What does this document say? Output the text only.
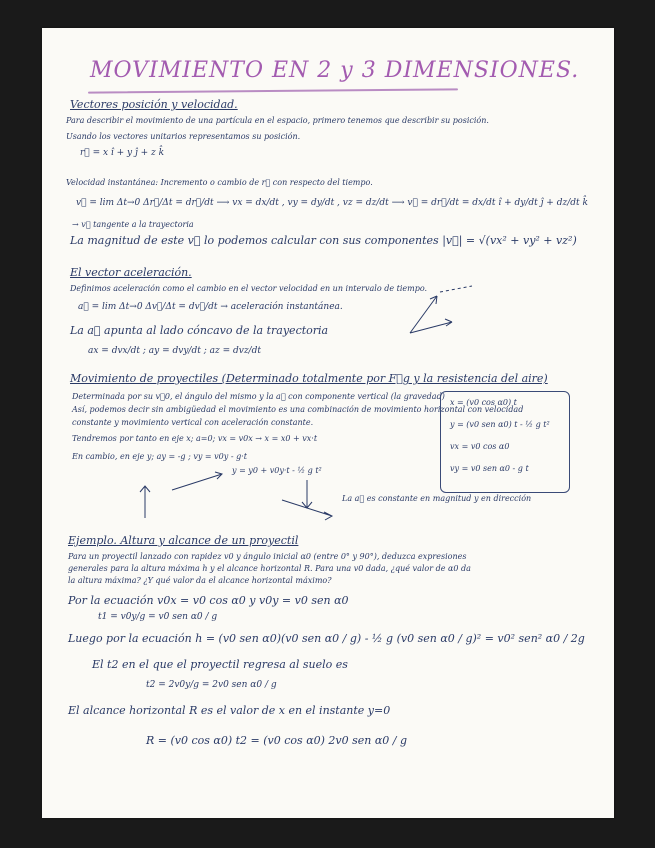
MOVIMIENTO EN 2 y 3 DIMENSIONES.
Vectores posición y velocidad.
Para describir el movimiento de una partícula en el espacio, primero tenemos que describir su posición.
Usando los vectores unitarios representamos su posición.
r⃗ = x î + y ĵ + z k̂
Velocidad instantánea: Incremento o cambio de r⃗ con respecto del tiempo.
v⃗ = lim Δt→0 Δr⃗/Δt = dr⃗/dt ⟶ vx = dx/dt , vy = dy/dt , vz = dz/dt ⟶ v⃗ = dr⃗/dt = dx/dt î + dy/dt ĵ + dz/dt k̂
→ v⃗ tangente a la trayectoria
La magnitud de este v⃗ lo podemos calcular con sus componentes |v⃗| = √(vx² + vy² + vz²)
El vector aceleración.
Definimos aceleración como el cambio en el vector velocidad en un intervalo de tiempo.
a⃗ = lim Δt→0 Δv⃗/Δt = dv⃗/dt → aceleración instantánea.
La a⃗ apunta al lado cóncavo de la trayectoria
ax = dvx/dt ; ay = dvy/dt ; az = dvz/dt
Movimiento de proyectiles (Determinado totalmente por F⃗g y la resistencia del aire)
Determinada por su v⃗0, el ángulo del mismo y la a⃗ con componente vertical (la gravedad)
Así, podemos decir sin ambigüedad el movimiento es una combinación de movimiento horizontal con velocidad
constante y movimiento vertical con aceleración constante.
Tendremos por tanto en eje x; a=0; vx = v0x → x = x0 + vx·t
En cambio, en eje y; ay = -g ; vy = v0y - g·t
y = y0 + v0y·t - ½ g t²
x = (v0 cos α0) t
y = (v0 sen α0) t - ½ g t²
vx = v0 cos α0
vy = v0 sen α0 - g t
La a⃗ es constante en magnitud y en dirección
Ejemplo. Altura y alcance de un proyectil
Para un proyectil lanzado con rapidez v0 y ángulo inicial α0 (entre 0° y 90°), deduzca expresiones
generales para la altura máxima h y el alcance horizontal R. Para una v0 dada, ¿qué valor de α0 da
la altura máxima? ¿Y qué valor da el alcance horizontal máximo?
Por la ecuación v0x = v0 cos α0 y v0y = v0 sen α0
t1 = v0y/g = v0 sen α0 / g
Luego por la ecuación h = (v0 sen α0)(v0 sen α0 / g) - ½ g (v0 sen α0 / g)² = v0² sen² α0 / 2g
El t2 en el que el proyectil regresa al suelo es
t2 = 2v0y/g = 2v0 sen α0 / g
El alcance horizontal R es el valor de x en el instante y=0
R = (v0 cos α0) t2 = (v0 cos α0) 2v0 sen α0 / g
